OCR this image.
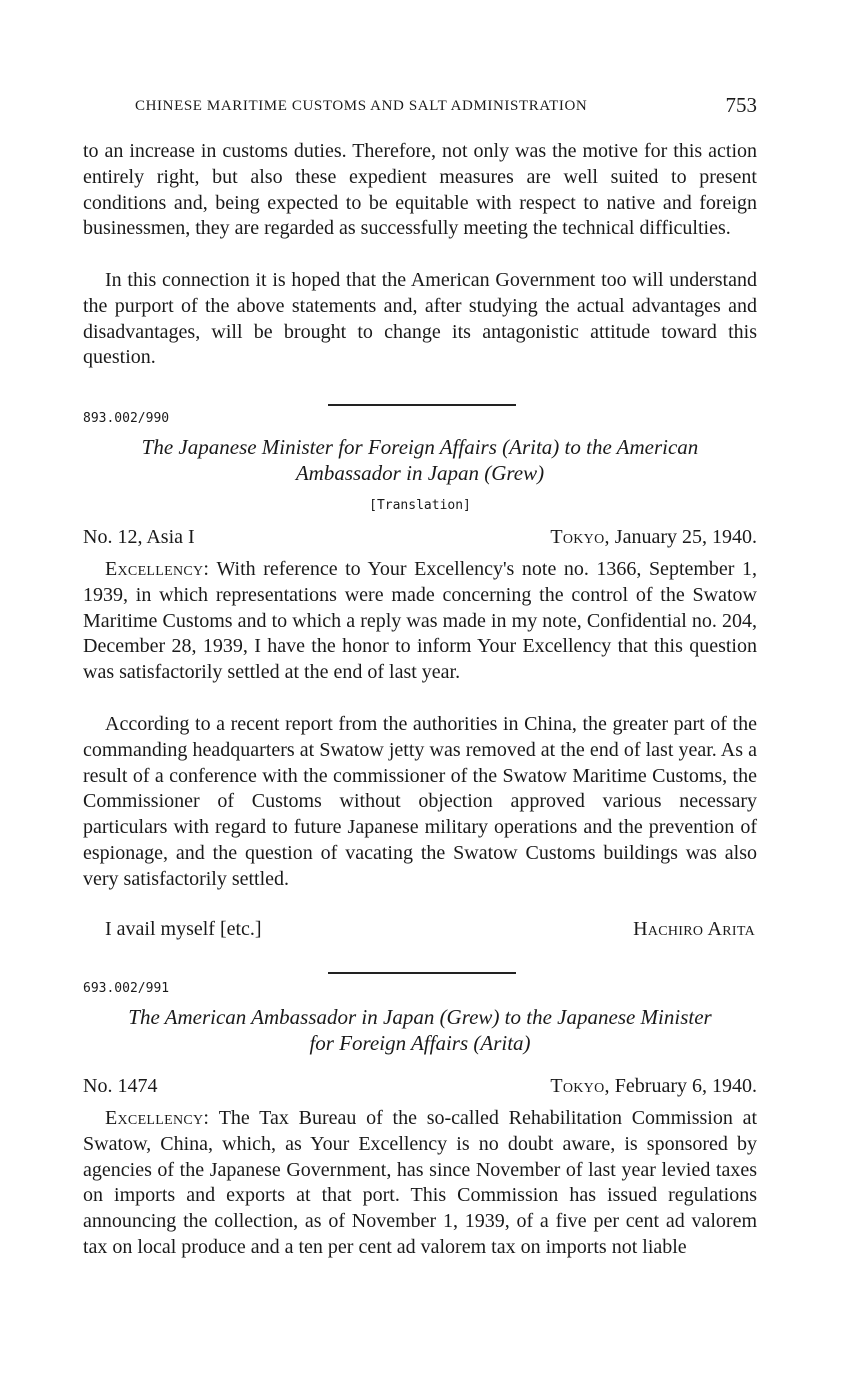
CHINESE MARITIME CUSTOMS AND SALT ADMINISTRATION	753

to an increase in customs duties. Therefore, not only was the motive for this action entirely right, but also these expedient measures are well suited to present conditions and, being expected to be equitable with respect to native and foreign businessmen, they are regarded as successfully meeting the technical difficulties.

In this connection it is hoped that the American Government too will understand the purport of the above statements and, after studying the actual advantages and disadvantages, will be brought to change its antagonistic attitude toward this question.

893.002/990
The Japanese Minister for Foreign Affairs (Arita) to the American
Ambassador in Japan (Grew)
[Translation]
No. 12, Asia I	Tokyo, January 25, 1940.

Excellency: With reference to Your Excellency's note no. 1366, September 1, 1939, in which representations were made concerning the control of the Swatow Maritime Customs and to which a reply was made in my note, Confidential no. 204, December 28, 1939, I have the honor to inform Your Excellency that this question was satisfactorily settled at the end of last year.

According to a recent report from the authorities in China, the greater part of the commanding headquarters at Swatow jetty was removed at the end of last year. As a result of a conference with the commissioner of the Swatow Maritime Customs, the Commissioner of Customs without objection approved various necessary particulars with regard to future Japanese military operations and the prevention of espionage, and the question of vacating the Swatow Customs buildings was also very satisfactorily settled.

I avail myself [etc.]	Hachiro Arita
693.002/991
The American Ambassador in Japan (Grew) to the Japanese Minister
for Foreign Affairs (Arita)
No. 1474	Tokyo, February 6, 1940.

Excellency: The Tax Bureau of the so-called Rehabilitation Commission at Swatow, China, which, as Your Excellency is no doubt aware, is sponsored by agencies of the Japanese Government, has since November of last year levied taxes on imports and exports at that port. This Commission has issued regulations announcing the collection, as of November 1, 1939, of a five per cent ad valorem tax on local produce and a ten per cent ad valorem tax on imports not liable
